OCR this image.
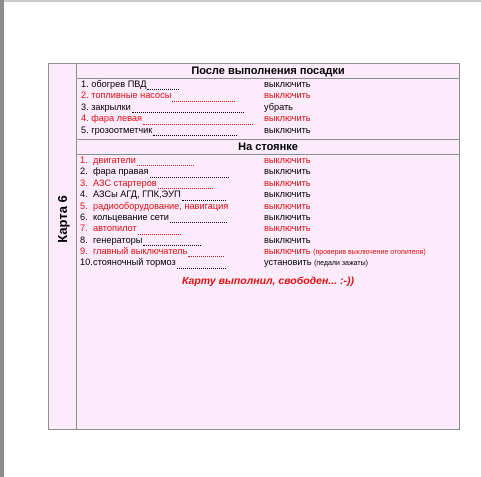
Карта 6
После выполнения посадки
1. обогрев ПВД	выключить
2. топливные насосы	выключить
3. закрылки	убрать
4. фара левая	выключить
5. грозоотметчик	выключить
На стоянке
1. двигатели	выключить
2. фара правая	выключить
3. АЗС стартеров	выключить
4. АЗСы АГД, ГПК,ЭУП	выключить
5. радиооборудование, навигация	выключить
6. кольцевание сети	выключить
7. автопилот	выключить
8. генераторы	выключить
9. главный выключатель	выключить (проверив выключение отопителя)
10. стояночный тормоз	установить (педали зажаты)
Карту выполнил, свободен... :-))
